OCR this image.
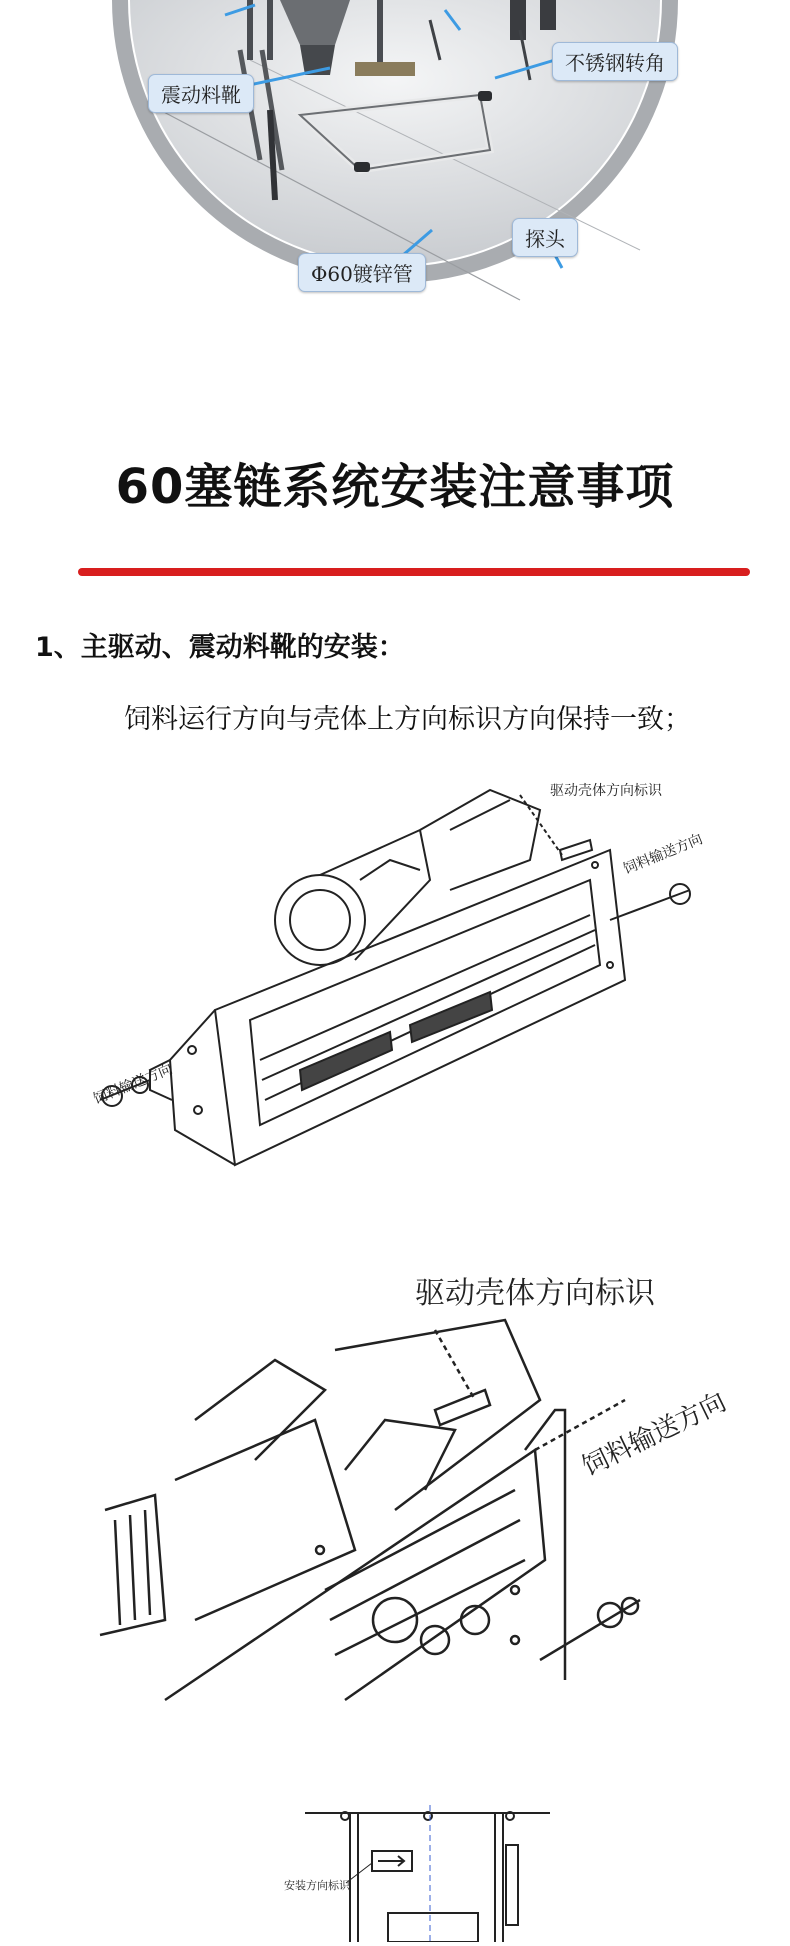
震动料靴
不锈钢转角
探头
Φ60镀锌管
60塞链系统安装注意事项
1、主驱动、震动料靴的安装：
饲料运行方向与壳体上方向标识方向保持一致；
驱动壳体方向标识
饲料输送方向
饲料输送方向
驱动壳体方向标识
饲料输送方向
安装方向标识
